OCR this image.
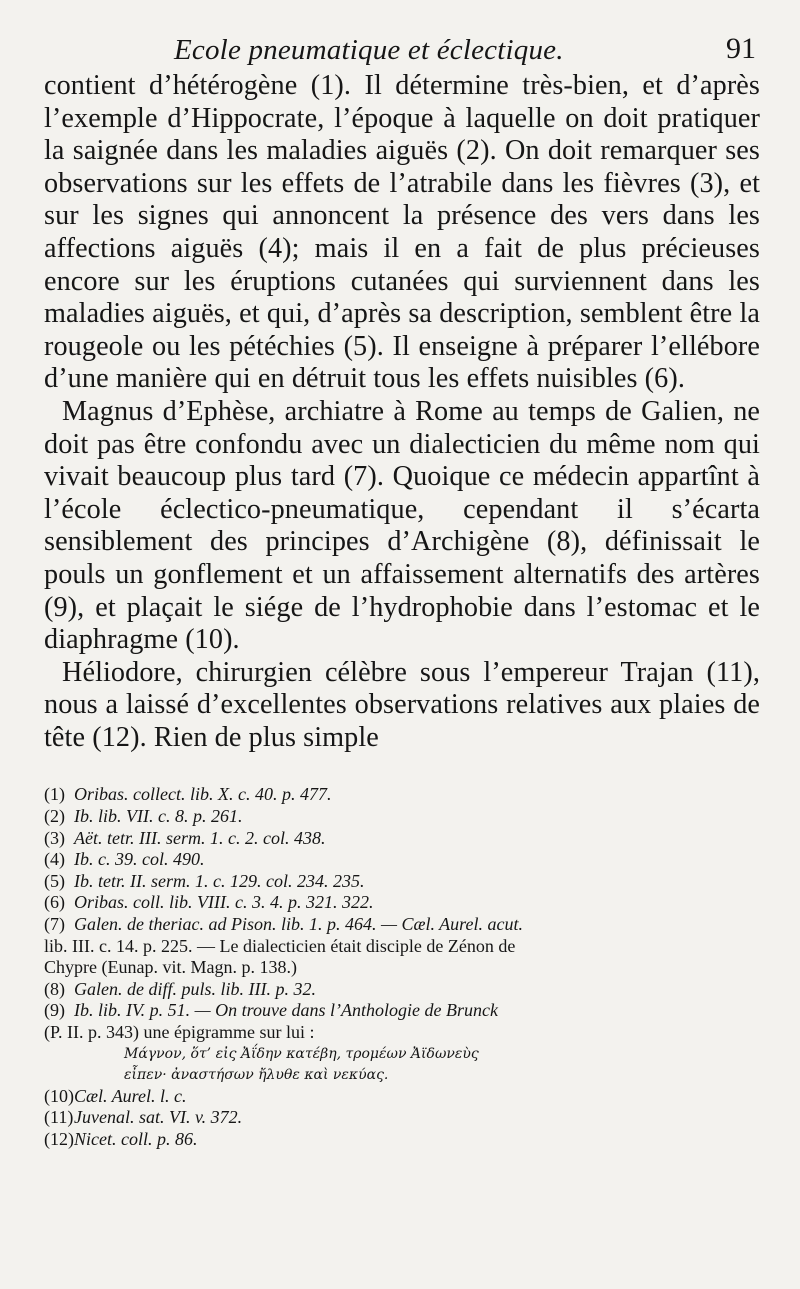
Ecole pneumatique et éclectique.	91

contient d’hétérogène (1). Il détermine très-bien, et d’après l’exemple d’Hippocrate, l’époque à laquelle on doit pratiquer la saignée dans les maladies aiguës (2). On doit remarquer ses observations sur les effets de l’atrabile dans les fièvres (3), et sur les signes qui annoncent la présence des vers dans les affections aiguës (4); mais il en a fait de plus précieuses encore sur les éruptions cutanées qui surviennent dans les maladies aiguës, et qui, d’après sa description, semblent être la rougeole ou les pétéchies (5). Il enseigne à préparer l’ellébore d’une manière qui en détruit tous les effets nuisibles (6).

Magnus d’Ephèse, archiatre à Rome au temps de Galien, ne doit pas être confondu avec un dialecticien du même nom qui vivait beaucoup plus tard (7). Quoique ce médecin appartînt à l’école éclectico-pneumatique, cependant il s’écarta sensiblement des principes d’Archigène (8), définissait le pouls un gonflement et un affaissement alternatifs des artères (9), et plaçait le siége de l’hydrophobie dans l’estomac et le diaphragme (10).

Héliodore, chirurgien célèbre sous l’empereur Trajan (11), nous a laissé d’excellentes observations relatives aux plaies de tête (12). Rien de plus simple

(1) Oribas. collect. lib. X. c. 40. p. 477.
(2) Ib. lib. VII. c. 8. p. 261.
(3) Aët. tetr. III. serm. 1. c. 2. col. 438.
(4) Ib. c. 39. col. 490.
(5) Ib. tetr. II. serm. 1. c. 129. col. 234. 235.
(6) Oribas. coll. lib. VIII. c. 3. 4. p. 321. 322.
(7) Galen. de theriac. ad Pison. lib. 1. p. 464. — Cæl. Aurel. acut.
lib. III. c. 14. p. 225. — Le dialecticien était disciple de Zénon de
Chypre (Eunap. vit. Magn. p. 138.)
(8) Galen. de diff. puls. lib. III. p. 32.
(9) Ib. lib. IV. p. 51. — On trouve dans l’Anthologie de Brunck
(P. II. p. 343) une épigramme sur lui :
Μάγνον, ὅτ’ εἰς Ἀΐδην κατέβη, τρομέων Ἀϊδωνεὺς
εἶπεν· ἀναστήσων ἤλυθε καὶ νεκύας.
(10)Cæl. Aurel. l. c.
(11)Juvenal. sat. VI. v. 372.
(12)Nicet. coll. p. 86.
